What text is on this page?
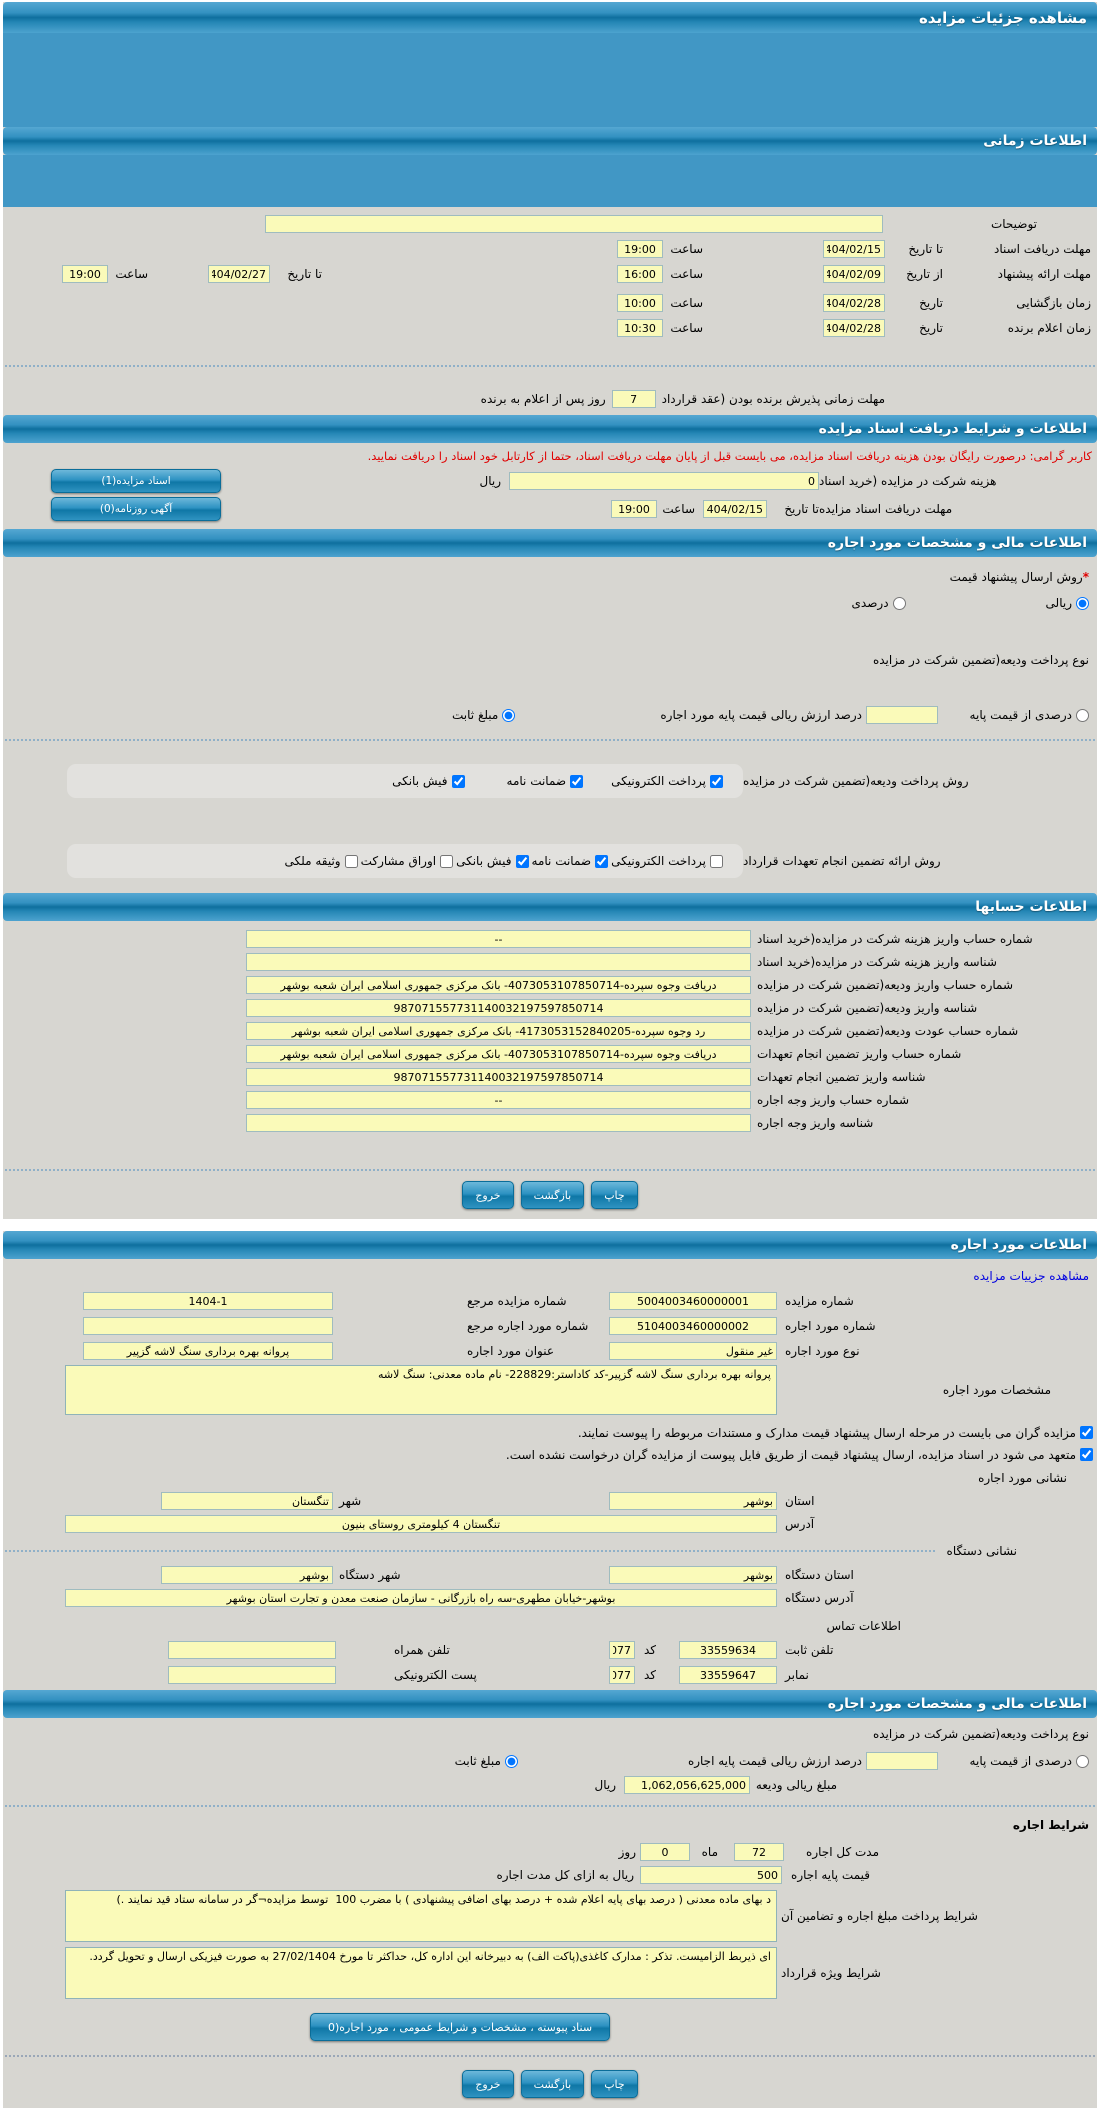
مشاهده جزئیات مزایده
اطلاعات زمانی
توضیحات
مهلت دریافت اسناد
تا تاریخ
1404/02/15
ساعت
19:00
مهلت ارائه پیشنهاد
از تاریخ
1404/02/09
ساعت
16:00
تا تاریخ
1404/02/27
ساعت
19:00
زمان بازگشایی
تاریخ
1404/02/28
ساعت
10:00
زمان اعلام برنده
تاریخ
1404/02/28
ساعت
10:30
مهلت زمانی پذیرش برنده بودن (عقد قرارداد
7
روز پس از اعلام به برنده
اطلاعات و شرایط دریافت اسناد مزایده
کاربر گرامی: درصورت رایگان بودن هزینه دریافت اسناد مزایده، می بایست قبل از پایان مهلت دریافت اسناد، حتما از کارتابل خود اسناد را دریافت نمایید.
هزینه شرکت در مزایده (خرید اسناد
0
ریال
اسناد مزایده(1)
مهلت دریافت اسناد مزایده
تا تاریخ
1404/02/15
ساعت
19:00
آگهی روزنامه(0)
اطلاعات مالی و مشخصات مورد اجاره
*
روش ارسال پیشنهاد قیمت
ریالی
درصدی
نوع پرداخت ودیعه(تضمین شرکت در مزایده
درصدی از قیمت پایه
درصد ارزش ریالی قیمت پایه مورد اجاره
مبلغ ثابت
روش پرداخت ودیعه(تضمین شرکت در مزایده
پرداخت الکترونیکی
ضمانت نامه
فیش بانکی
روش ارائه تضمین انجام تعهدات قرارداد
پرداخت الکترونیکی
ضمانت نامه
فیش بانکی
اوراق مشارکت
وثیقه ملکی
اطلاعات حسابها
شماره حساب واریز هزینه شرکت در مزایده(خرید اسناد
--
شناسه واریز هزینه شرکت در مزایده(خرید اسناد
شماره حساب واریز ودیعه(تضمین شرکت در مزایده
دریافت وجوه سپرده-4073053107850714- بانک مرکزی جمهوری اسلامی ایران شعبه بوشهر
شناسه واریز ودیعه(تضمین شرکت در مزایده
987071557731140032197597850714
شماره حساب عودت ودیعه(تضمین شرکت در مزایده
رد وجوه سپرده-4173053152840205- بانک مرکزی جمهوری اسلامی ایران شعبه بوشهر
شماره حساب واریز تضمین انجام تعهدات
دریافت وجوه سپرده-4073053107850714- بانک مرکزی جمهوری اسلامی ایران شعبه بوشهر
شناسه واریز تضمین انجام تعهدات
987071557731140032197597850714
شماره حساب واریز وجه اجاره
--
شناسه واریز وجه اجاره
چاپ
بازگشت
خروج
اطلاعات مورد اجاره
مشاهده جزییات مزایده
شماره مزایده
5004003460000001
شماره مزایده مرجع
1404-1
شماره مورد اجاره
5104003460000002
شماره مورد اجاره مرجع
نوع مورد اجاره
غیر منقول
عنوان مورد اجاره
پروانه بهره برداری سنگ لاشه گزپیر
مشخصات مورد اجاره
پروانه بهره برداری سنگ لاشه گزپیر-کد کاداستر:228829- نام ماده معدنی: سنگ لاشه
مزایده گران می بایست در مرحله ارسال پیشنهاد قیمت مدارک و مستندات مربوطه را پیوست نمایند.
متعهد می شود در اسناد مزایده، ارسال پیشنهاد قیمت از طریق فایل پیوست از مزایده گران درخواست نشده است.
نشانی مورد اجاره
استان
بوشهر
شهر
تنگستان
آدرس
تنگستان 4 کیلومتری روستای بنیون
نشانی دستگاه
استان دستگاه
بوشهر
شهر دستگاه
بوشهر
آدرس دستگاه
بوشهر-خیابان مطهری-سه راه بازرگانی - سازمان صنعت معدن و تجارت استان بوشهر
اطلاعات تماس
تلفن ثابت
33559634
کد
077
تلفن همراه
نمابر
33559647
کد
077
پست الکترونیکی
اطلاعات مالی و مشخصات مورد اجاره
نوع پرداخت ودیعه(تضمین شرکت در مزایده
درصدی از قیمت پایه
درصد ارزش ریالی قیمت پایه اجاره
مبلغ ثابت
مبلغ ریالی ودیعه
1,062,056,625,000
ریال
شرایط اجاره
مدت کل اجاره
72
ماه
0
روز
قیمت پایه اجاره
500
ریال به ازای کل مدت اجاره
شرایط پرداخت مبلغ اجاره و تضامین آن
د بهای ماده معدنی ( درصد بهای پایه اعلام شده + درصد بهای اضافی پیشنهادی ) با مضرب 100 توسط مزایده¬گر در سامانه ستاد قید نمایند .)
شرایط ویژه قرارداد
ای ذیربط الزامیست. تذکر : مدارک کاغذی(پاکت الف) به دبیرخانه این اداره کل، حداکثر تا مورخ 27/02/1404 به صورت فیزیکی ارسال و تحویل گردد.
سناد پیوسته ، مشخصات و شرایط عمومی ، مورد اجاره(0
چاپ
بازگشت
خروج
